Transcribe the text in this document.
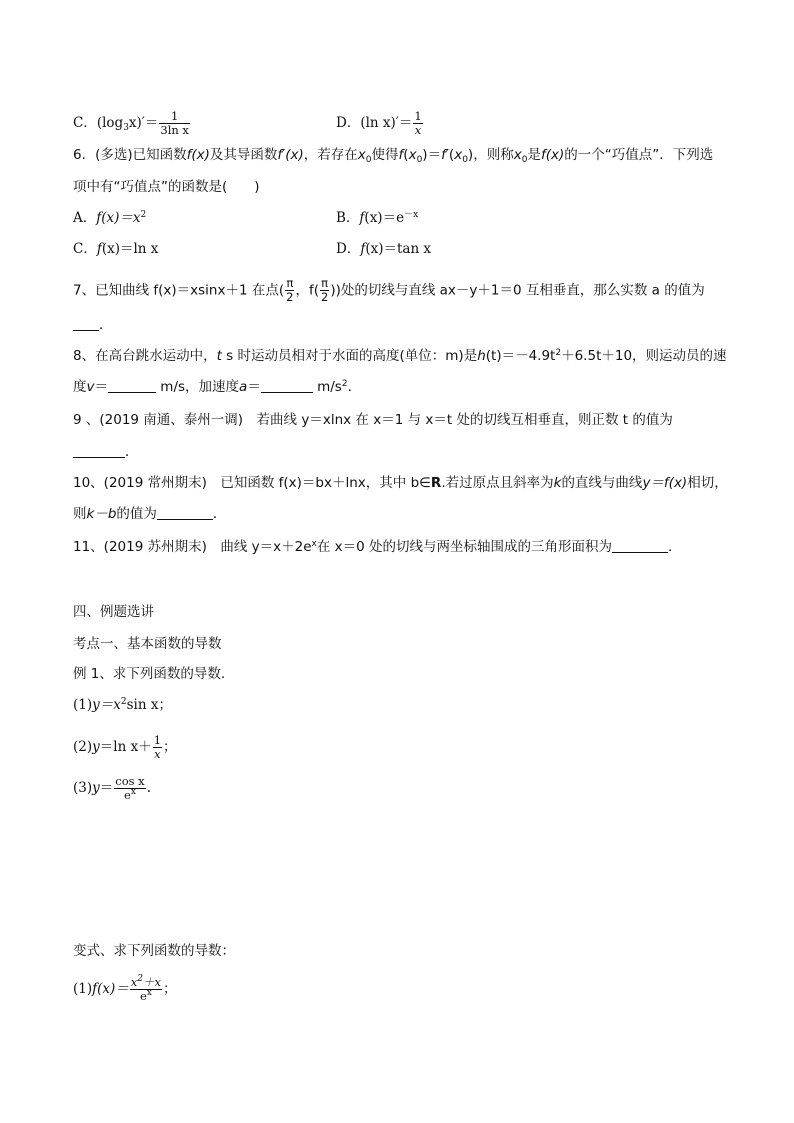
C．$(\log_3x)'= \frac{1}{\text{3ln x}}$	D．(ln $x)'= \frac{1}{x}$
6．(多选)已知函数f(x)及其导函数f′(x)，若存在$x_0$使得$f(x_0)=f'(x_0)$，则称$x_0$是f(x)的一个“巧值点”．下列选
项中有“巧值点”的函数是(　　)
A．$f(x)=x^2$	B．$f(x)=e^{-x}$
C．f(x)＝ln x	D．f(x)＝tan x
7、已知曲线 f(x)＝xsinx＋1 在点( $\frac{\pi}{2}$ ，$f( \frac{\pi}{2}$ ))处的切线与直线 ax－y＋1＝0 互相垂直，那么实数 a 的值为
．
8、在高台跳水运动中，t s 时运动员相对于水面的高度(单位：m)是$h(t)=-4.9t^2+6.5t+10$，则运动员的速
度v＝	m/s，加速度a＝	$m/s^2$.
9 、(2019 南通、泰州一调)　若曲线 y＝xlnx 在 x＝1 与 x＝t 处的切线互相垂直，则正数 t 的值为
．
10、(2019 常州期末)　已知函数 f(x)＝bx＋lnx，其中 b∈R.若过原点且斜率为k的直线与曲线y＝f(x)相切，
则k－b的值为	．
11、(2019 苏州期末)　曲线 $y=x+2e^x$在 x＝0 处的切线与两坐标轴围成的三角形面积为	．
四、例题选讲
考点一、基本函数的导数
例 1、求下列函数的导数．
$(1)y=x^2\sin$ x；
(2)y＝ln $x+ \frac{1}{x}$ ；
$(3)y= \frac{\text{cos x}}{e^x}$ .
变式、求下列函数的导数：
$(1)f(x)= \frac{x^2+x}{e^x}$ ；
